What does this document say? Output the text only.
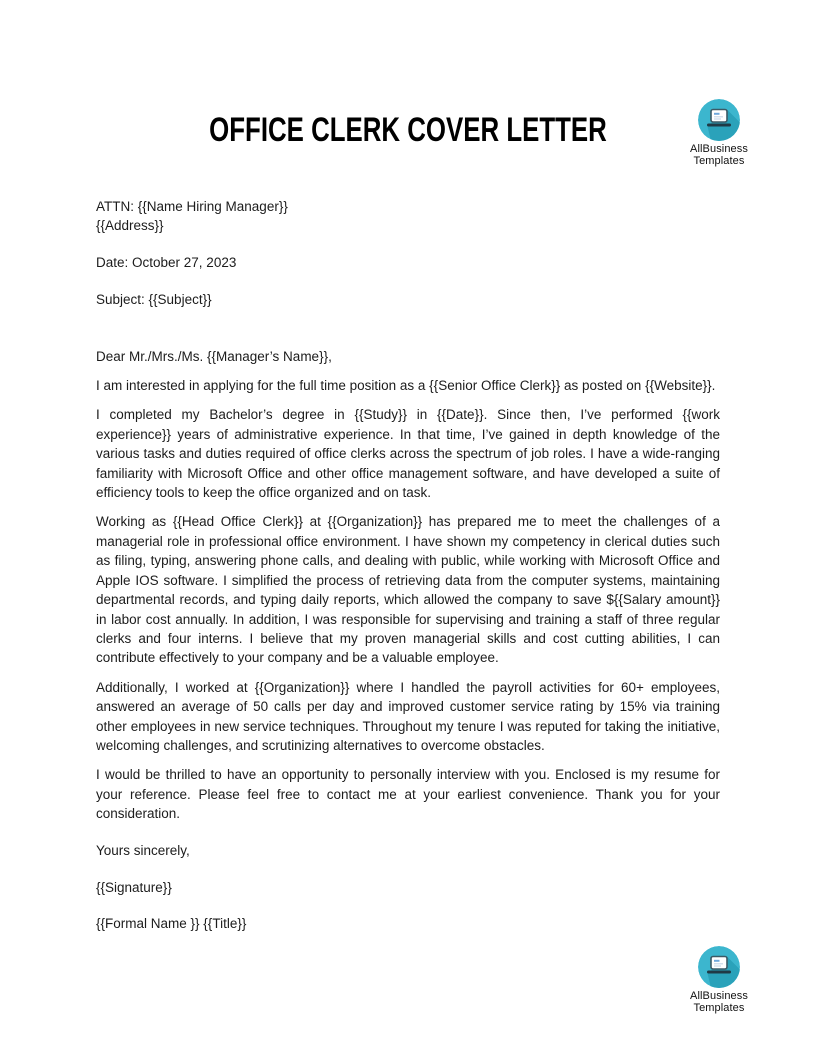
OFFICE CLERK COVER LETTER	AllBusiness
Templates

ATTN: {{Name Hiring Manager}}

{{Address}}

Date: October 27, 2023

Subject: {{Subject}}

Dear Mr./Mrs./Ms. {{Manager’s Name}},

I am interested in applying for the full time position as a {{Senior Office Clerk}} as posted on {{Website}}.

I completed my Bachelor’s degree in {{Study}} in {{Date}}. Since then, I’ve performed {{work experience}} years of administrative experience. In that time, I’ve gained in depth knowledge of the various tasks and duties required of office clerks across the spectrum of job roles. I have a wide-ranging familiarity with Microsoft Office and other office management software, and have developed a suite of efficiency tools to keep the office organized and on task.

Working as {{Head Office Clerk}} at {{Organization}} has prepared me to meet the challenges of a managerial role in professional office environment. I have shown my competency in clerical duties such as filing, typing, answering phone calls, and dealing with public, while working with Microsoft Office and Apple IOS software. I simplified the process of retrieving data from the computer systems, maintaining departmental records, and typing daily reports, which allowed the company to save ${{Salary amount}} in labor cost annually. In addition, I was responsible for supervising and training a staff of three regular clerks and four interns. I believe that my proven managerial skills and cost cutting abilities, I can contribute effectively to your company and be a valuable employee.

Additionally, I worked at {{Organization}} where I handled the payroll activities for 60+ employees, answered an average of 50 calls per day and improved customer service rating by 15% via training other employees in new service techniques. Throughout my tenure I was reputed for taking the initiative, welcoming challenges, and scrutinizing alternatives to overcome obstacles.

I would be thrilled to have an opportunity to personally interview with you. Enclosed is my resume for your reference. Please feel free to contact me at your earliest convenience. Thank you for your consideration.

Yours sincerely,

{{Signature}}

{{Formal Name }} {{Title}}

AllBusiness
Templates
